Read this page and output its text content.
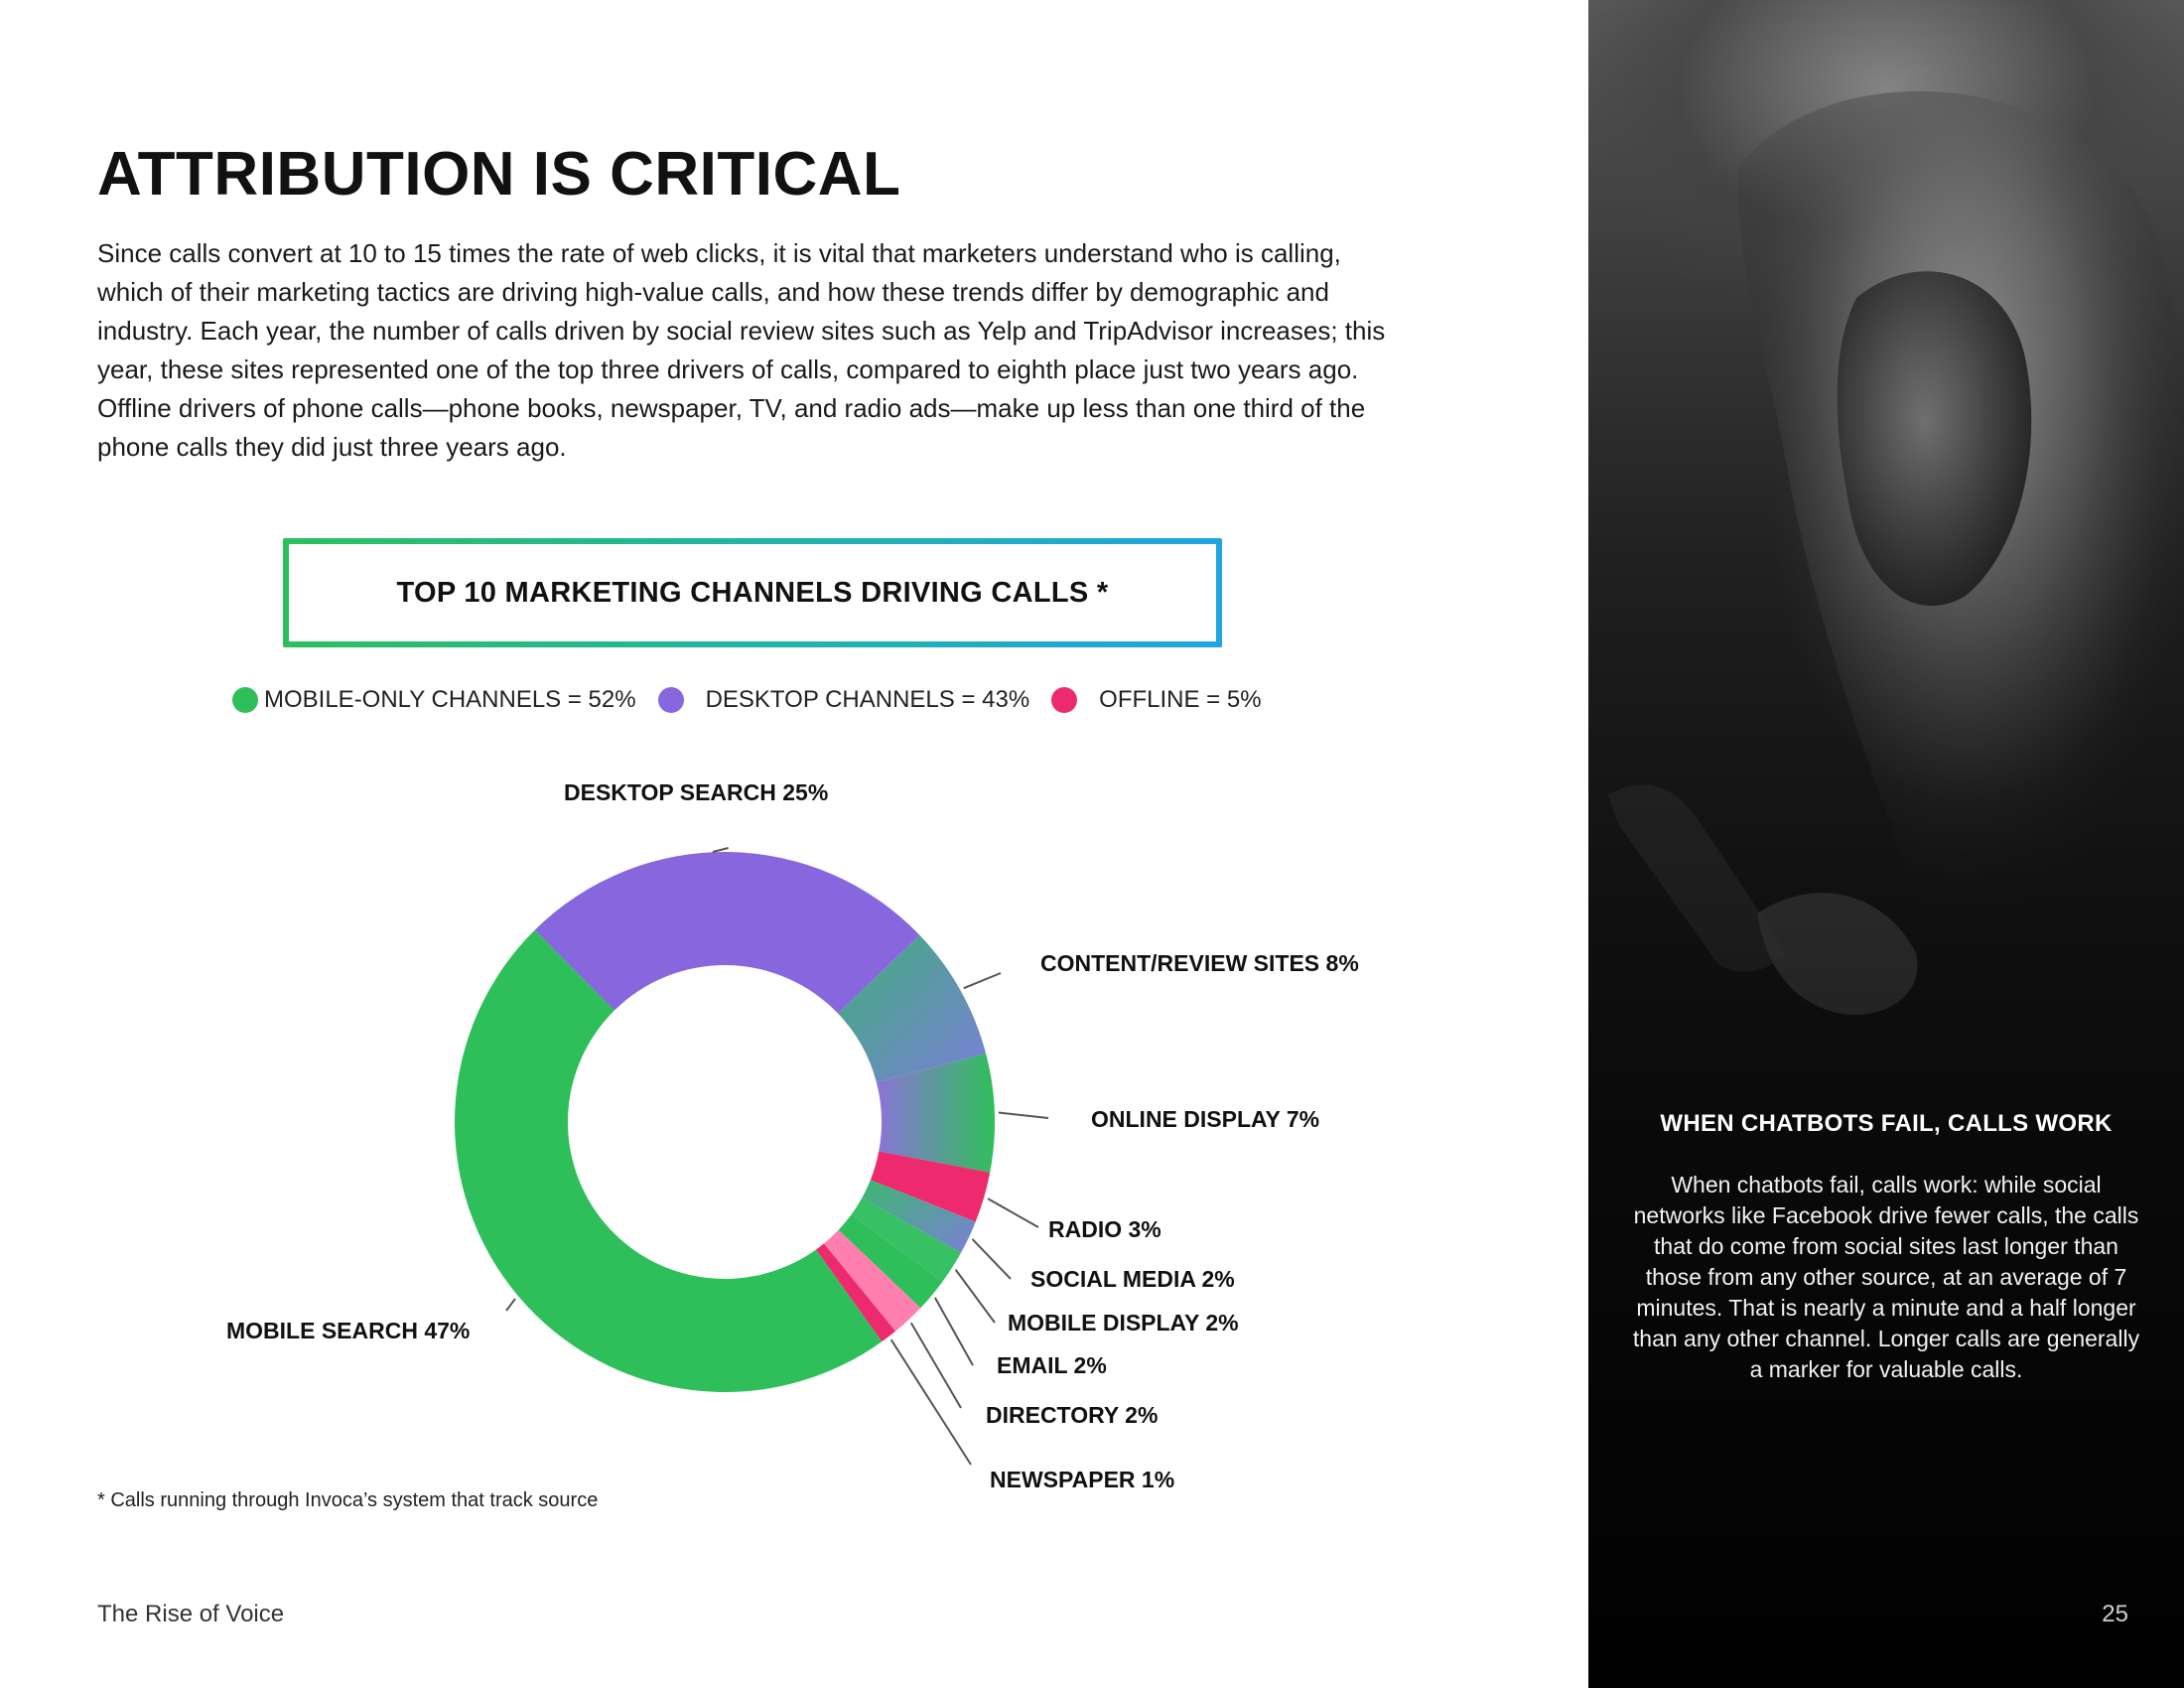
ATTRIBUTION IS CRITICAL

Since calls convert at 10 to 15 times the rate of web clicks, it is vital that marketers understand who is calling, which of their marketing tactics are driving high-value calls, and how these trends differ by demographic and industry. Each year, the number of calls driven by social review sites such as Yelp and TripAdvisor increases; this year, these sites represented one of the top three drivers of calls, compared to eighth place just two years ago. Offline drivers of phone calls—phone books, newspaper, TV, and radio ads—make up less than one third of the phone calls they did just three years ago.

TOP 10 MARKETING CHANNELS DRIVING CALLS *
MOBILE-ONLY CHANNELS = 52%	DESKTOP CHANNELS = 43%	OFFLINE = 5%
DESKTOP SEARCH 25%
CONTENT/REVIEW SITES 8%
ONLINE DISPLAY 7%
RADIO 3%
SOCIAL MEDIA 2%
MOBILE DISPLAY 2%
EMAIL 2%
DIRECTORY 2%
NEWSPAPER 1%
MOBILE SEARCH 47%
* Calls running through Invoca’s system that track source
The Rise of Voice
WHEN CHATBOTS FAIL, CALLS WORK

When chatbots fail, calls work: while social networks like Facebook drive fewer calls, the calls that do come from social sites last longer than those from any other source, at an average of 7 minutes. That is nearly a minute and a half longer than any other channel. Longer calls are generally a marker for valuable calls.

25
